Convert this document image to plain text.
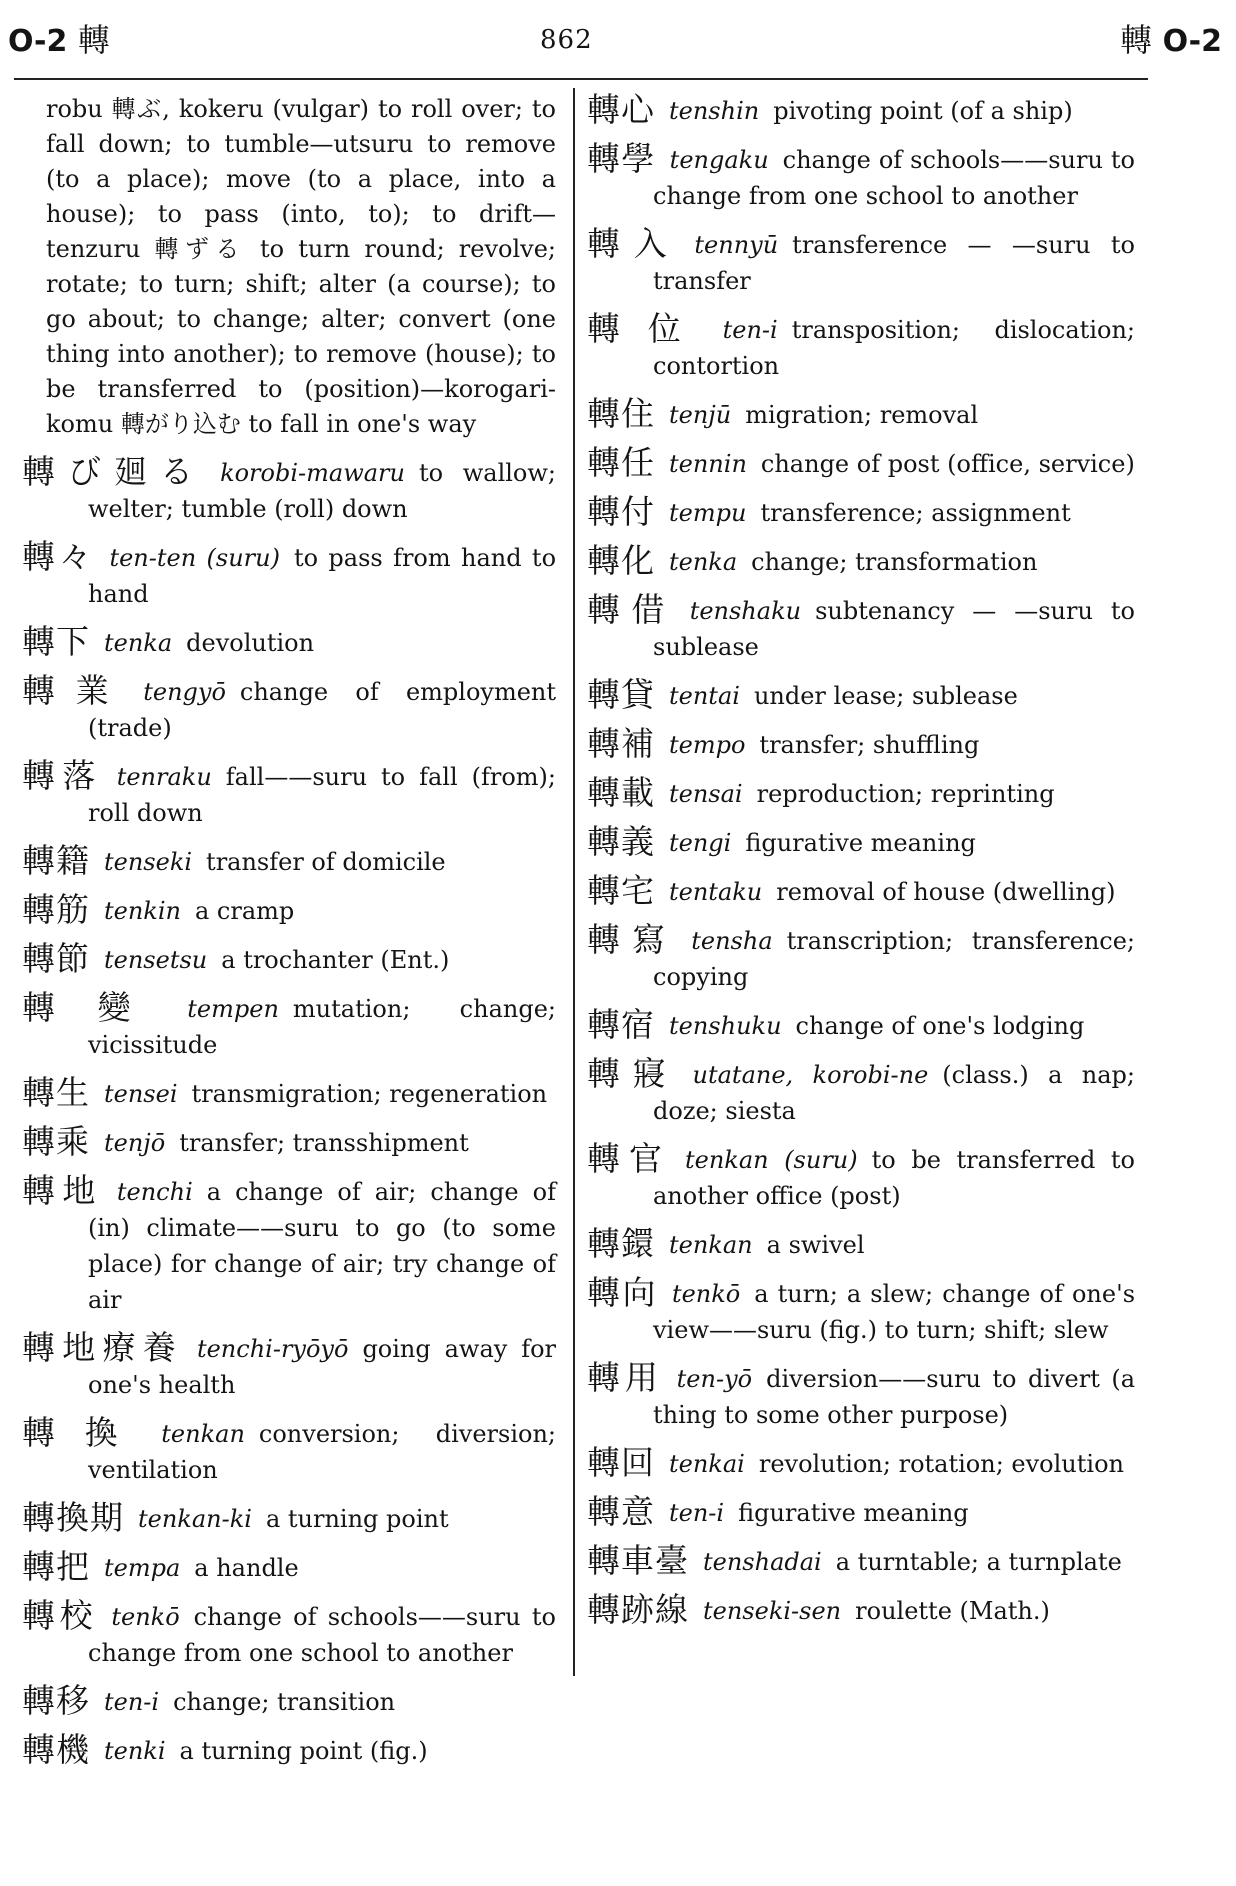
O-2 轉	862	轉 O-2
robu 轉ぶ, kokeru (vulgar) to roll over; to fall down; to tumble—utsuru to remove (to a place); move (to a place, into a house); to pass (into, to); to drift—tenzuru 轉ずる to turn round; revolve; rotate; to turn; shift; alter (a course); to go about; to change; alter; convert (one thing into another); to remove (house); to be transferred to (position)—korogari-komu 轉がり込む to fall in one's way
轉び廻る korobi-mawaru to wallow; welter; tumble (roll) down
轉々 ten-ten (suru) to pass from hand to hand
轉下 tenka devolution
轉業 tengyō change of employment (trade)
轉落 tenraku fall——suru to fall (from); roll down
轉籍 tenseki transfer of domicile
轉筋 tenkin a cramp
轉節 tensetsu a trochanter (Ent.)
轉變 tempen mutation; change; vicissitude
轉生 tensei transmigration; regeneration
轉乘 tenjō transfer; transshipment
轉地 tenchi a change of air; change of (in) climate——suru to go (to some place) for change of air; try change of air
轉地療養 tenchi-ryōyō going away for one's health
轉換 tenkan conversion; diversion; ventilation
轉換期 tenkan-ki a turning point
轉把 tempa a handle
轉校 tenkō change of schools——suru to change from one school to another
轉移 ten-i change; transition
轉機 tenki a turning point (fig.)
轉心 tenshin pivoting point (of a ship)
轉學 tengaku change of schools——suru to change from one school to another
轉入 tennyū transference — —suru to transfer
轉位 ten-i transposition; dislocation; contortion
轉住 tenjū migration; removal
轉任 tennin change of post (office, service)
轉付 tempu transference; assignment
轉化 tenka change; transformation
轉借 tenshaku subtenancy — —suru to sublease
轉貸 tentai under lease; sublease
轉補 tempo transfer; shuffling
轉載 tensai reproduction; reprinting
轉義 tengi figurative meaning
轉宅 tentaku removal of house (dwelling)
轉寫 tensha transcription; transference; copying
轉宿 tenshuku change of one's lodging
轉寢 utatane, korobi-ne (class.) a nap; doze; siesta
轉官 tenkan (suru) to be transferred to another office (post)
轉鐶 tenkan a swivel
轉向 tenkō a turn; a slew; change of one's view——suru (fig.) to turn; shift; slew
轉用 ten-yō diversion——suru to divert (a thing to some other purpose)
轉回 tenkai revolution; rotation; evolution
轉意 ten-i figurative meaning
轉車臺 tenshadai a turntable; a turnplate
轉跡線 tenseki-sen roulette (Math.)
